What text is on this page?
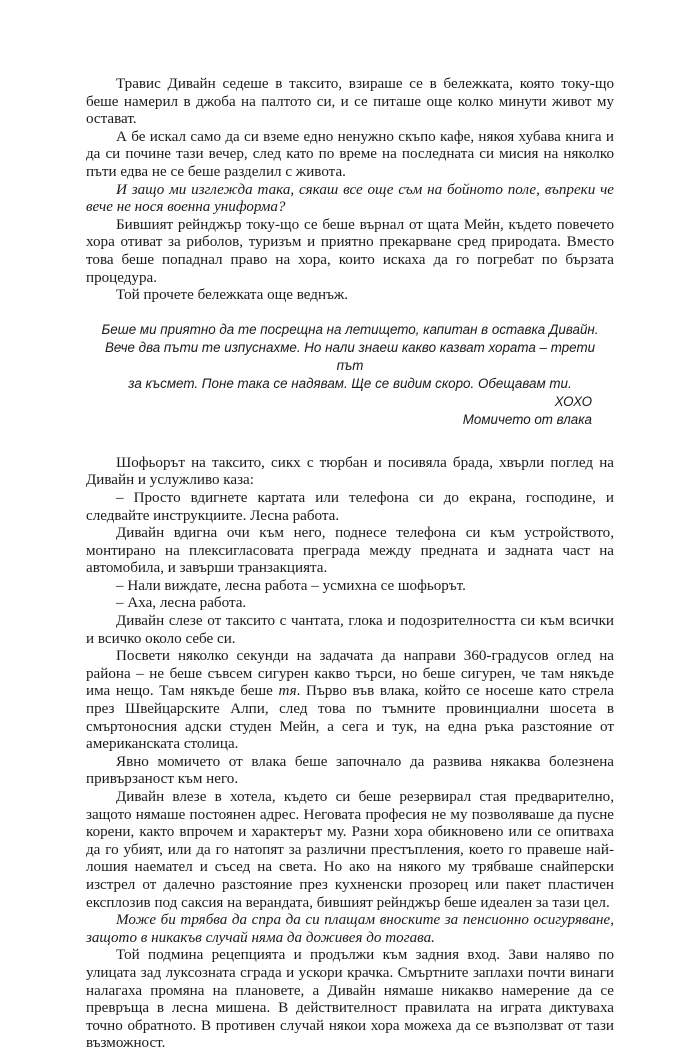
Травис Дивайн седеше в таксито, взираше се в бележката, която току-що беше намерил в джоба на палтото си, и се питаше още колко минути живот му остават.

А бе искал само да си вземе едно ненужно скъпо кафе, някоя хубава книга и да си почине тази вечер, след като по време на последната си мисия на няколко пъти едва не се беше разделил с живота.

И защо ми изглежда така, сякаш все още съм на бойното поле, въпреки че вече не нося военна униформа?

Бившият рейнджър току-що се беше върнал от щата Мейн, където повечето хора отиват за риболов, туризъм и приятно прекарване сред природата. Вместо това беше попаднал право на хора, които искаха да го погребат по бързата процедура.

Той прочете бележката още веднъж.

Беше ми приятно да те посрещна на летището, капитан в оставка Дивайн.
Вече два пъти те изпуснахме. Но нали знаеш какво казват хората – трети път
за късмет. Поне така се надявам. Ще се видим скоро. Обещавам ти.
ХОХО
Момичето от влака

Шофьорът на таксито, сикх с тюрбан и посивяла брада, хвърли поглед на Дивайн и услужливо каза:

– Просто вдигнете картата или телефона си до екрана, господине, и следвайте инструкциите. Лесна работа.

Дивайн вдигна очи към него, поднесе телефона си към устройството, монтирано на плексигласовата преграда между предната и задната част на автомобила, и завърши транзакцията.

– Нали виждате, лесна работа – усмихна се шофьорът.

– Аха, лесна работа.

Дивайн слезе от таксито с чантата, глока и подозрителността си към всички и всичко около себе си.

Посвети няколко секунди на задачата да направи 360-градусов оглед на района – не беше съвсем сигурен какво търси, но беше сигурен, че там някъде има нещо. Там някъде беше тя. Първо във влака, който се носеше като стрела през Швейцарските Алпи, след това по тъмните провинциални шосета в смъртоносния адски студен Мейн, а сега и тук, на една ръка разстояние от американската столица.

Явно момичето от влака беше започнало да развива някаква болезнена привързаност към него.

Дивайн влезе в хотела, където си беше резервирал стая предварително, защото нямаше постоянен адрес. Неговата професия не му позволяваше да пусне корени, както впрочем и характерът му. Разни хора обикновено или се опитваха да го убият, или да го натопят за различни престъпления, което го правеше най-лошия наемател и съсед на света. Но ако на някого му трябваше снайперски изстрел от далечно разстояние през кухненски прозорец или пакет пластичен експлозив под саксия на верандата, бившият рейнджър беше идеален за тази цел.

Може би трябва да спра да си плащам вноските за пенсионно осигуряване, защото в никакъв случай няма да доживея до тогава.

Той подмина рецепцията и продължи към задния вход. Зави наляво по улицата зад луксозната сграда и ускори крачка. Смъртните заплахи почти винаги налагаха промяна на плановете, а Дивайн нямаше никакво намерение да се превръща в лесна мишена. В действителност правилата на играта диктуваха точно обратното. В противен случай някои хора можеха да се възползват от тази възможност.
